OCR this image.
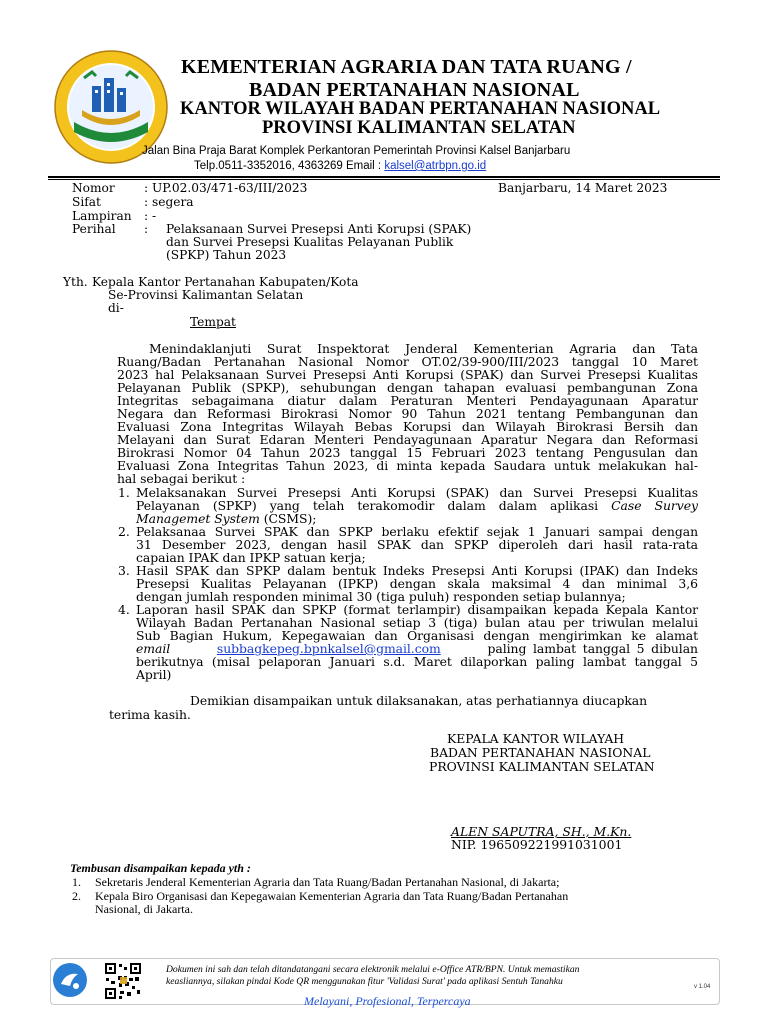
KEMENTERIAN AGRARIA DAN TATA RUANG /
BADAN PERTANAHAN NASIONAL
KANTOR WILAYAH BADAN PERTANAHAN NASIONAL
PROVINSI KALIMANTAN SELATAN
Jalan Bina Praja Barat Komplek Perkantoran Pemerintah Provinsi Kalsel Banjarbaru
Telp.0511-3352016, 4363269 Email : kalsel@atrbpn.go.id
Nomor : UP.02.03/471-63/III/2023	Banjarbaru, 14 Maret 2023
Sifat	: segera
Lampiran : -
Perihal : Pelaksanaan Survei Presepsi Anti Korupsi (SPAK)
dan Survei Presepsi Kualitas Pelayanan Publik
(SPKP) Tahun 2023
Yth. Kepala Kantor Pertanahan Kabupaten/Kota
Se-Provinsi Kalimantan Selatan
di-
Tempat
Menindaklanjuti Surat Inspektorat Jenderal Kementerian Agraria dan Tata
Ruang/Badan Pertanahan Nasional Nomor OT.02/39-900/III/2023 tanggal 10 Maret
2023 hal Pelaksanaan Survei Presepsi Anti Korupsi (SPAK) dan Survei Presepsi Kualitas
Pelayanan Publik (SPKP), sehubungan dengan tahapan evaluasi pembangunan Zona
Integritas sebagaimana diatur dalam Peraturan Menteri Pendayagunaan Aparatur
Negara dan Reformasi Birokrasi Nomor 90 Tahun 2021 tentang Pembangunan dan
Evaluasi Zona Integritas Wilayah Bebas Korupsi dan Wilayah Birokrasi Bersih dan
Melayani dan Surat Edaran Menteri Pendayagunaan Aparatur Negara dan Reformasi
Birokrasi Nomor 04 Tahun 2023 tanggal 15 Februari 2023 tentang Pengusulan dan
Evaluasi Zona Integritas Tahun 2023, di minta kepada Saudara untuk melakukan hal-
hal sebagai berikut :
1. Melaksanakan Survei Presepsi Anti Korupsi (SPAK) dan Survei Presepsi Kualitas
Pelayanan (SPKP) yang telah terakomodir dalam dalam aplikasi Case Survey
Managemet System (CSMS);
2. Pelaksanaa Survei SPAK dan SPKP berlaku efektif sejak 1 Januari sampai dengan
31 Desember 2023, dengan hasil SPAK dan SPKP diperoleh dari hasil rata-rata
capaian IPAK dan IPKP satuan kerja;
3. Hasil SPAK dan SPKP dalam bentuk Indeks Presepsi Anti Korupsi (IPAK) dan Indeks
Presepsi Kualitas Pelayanan (IPKP) dengan skala maksimal 4 dan minimal 3,6
dengan jumlah responden minimal 30 (tiga puluh) responden setiap bulannya;
4. Laporan hasil SPAK dan SPKP (format terlampir) disampaikan kepada Kepala Kantor
Wilayah Badan Pertanahan Nasional setiap 3 (tiga) bulan atau per triwulan melalui
Sub Bagian Hukum, Kepegawaian dan Organisasi dengan mengirimkan ke alamat
email	subbagkepeg.bpnkalsel@gmail.com	paling lambat tanggal 5 dibulan
berikutnya (misal pelaporan Januari s.d. Maret dilaporkan paling lambat tanggal 5
April)
Demikian disampaikan untuk dilaksanakan, atas perhatiannya diucapkan
terima kasih.
KEPALA KANTOR WILAYAH
BADAN PERTANAHAN NASIONAL
PROVINSI KALIMANTAN SELATAN
ALEN SAPUTRA, SH., M.Kn.
NIP. 196509221991031001
Tembusan disampaikan kepada yth :
1. Sekretaris Jenderal Kementerian Agraria dan Tata Ruang/Badan Pertanahan Nasional, di Jakarta;
2. Kepala Biro Organisasi dan Kepegawaian Kementerian Agraria dan Tata Ruang/Badan Pertanahan
Nasional, di Jakarta.
Dokumen ini sah dan telah ditandatangani secara elektronik melalui e-Office ATR/BPN. Untuk memastikan
keasliannya, silakan pindai Kode QR menggunakan fitur 'Validasi Surat' pada aplikasi Sentuh Tanahku	v 1.04
Melayani, Profesional, Terpercaya
